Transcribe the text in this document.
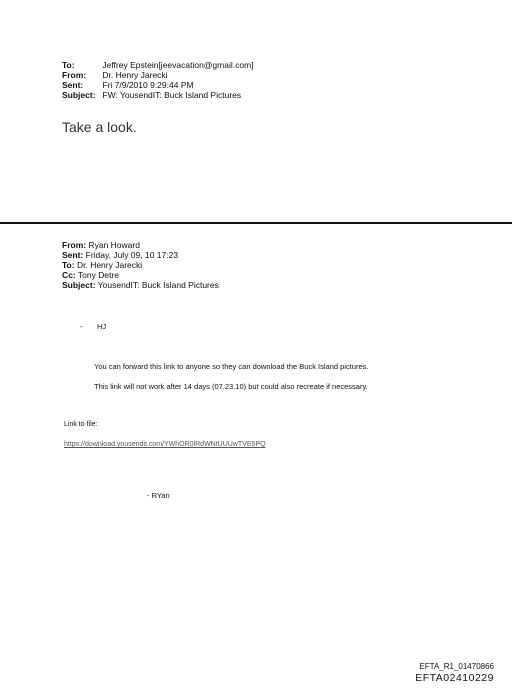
To:	Jeffrey Epstein[jeevacation@gmail.com]
From: Dr. Henry Jarecki
Sent: Fri 7/9/2010 9:29:44 PM
Subject: FW: YousendIT: Buck Island Pictures
Take a look.
From: Ryan Howard
Sent: Friday, July 09, 10 17:23
To: Dr. Henry Jarecki
Cc: Tony Detre
Subject: YousendIT: Buck Island Pictures
- HJ
You can forward this link to anyone so they can download the Buck Island pictures.
This link will not work after 14 days (07.23.10) but could also recreate if necessary.
Link to file:
https://download.yousendit.com/YWhOR0lRdWNtUUUwTVE5PQ
- RYan
EFTA_R1_01470866
EFTA02410229
